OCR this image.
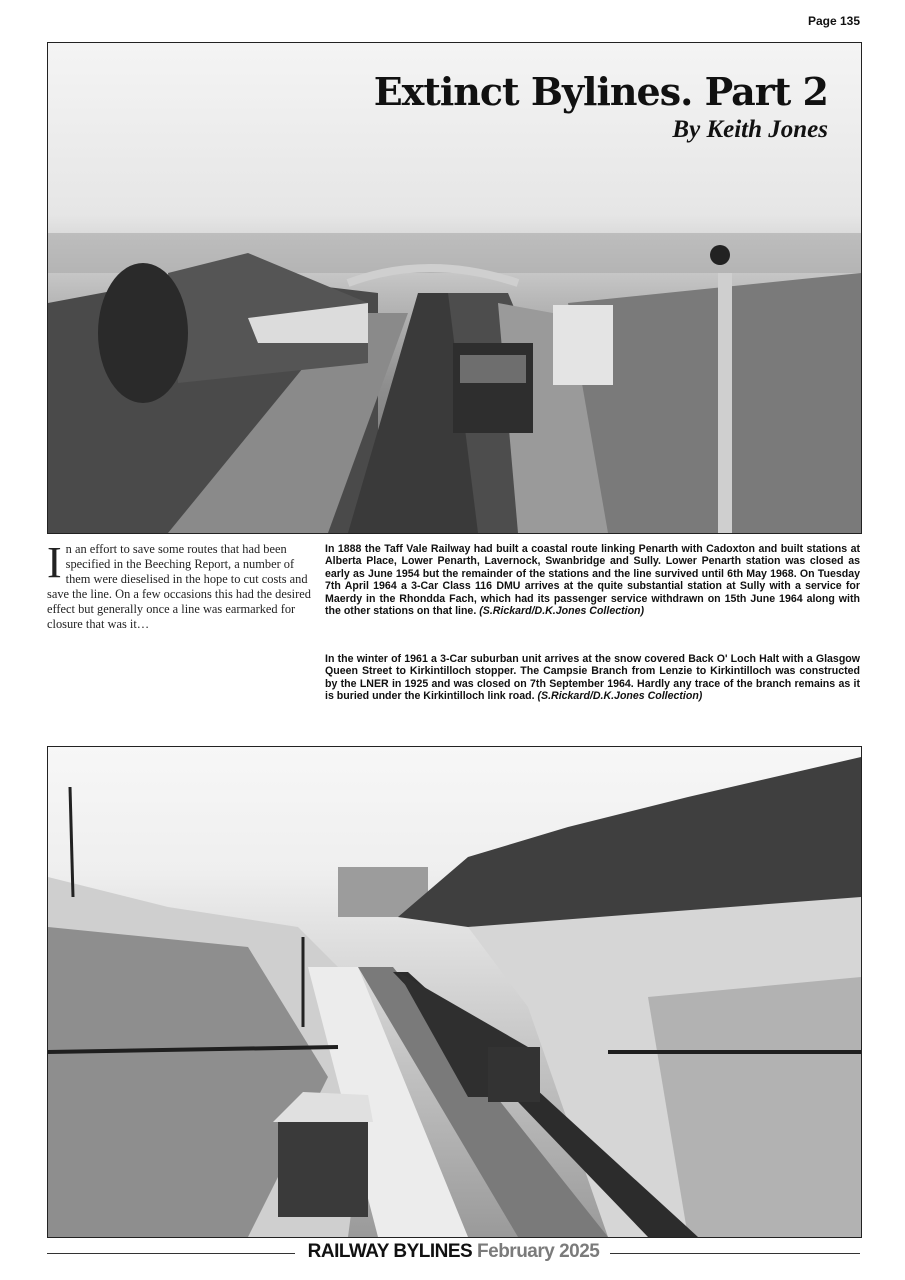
Page 135
Extinct Bylines. Part 2
By Keith Jones
In an effort to save some routes that had been specified in the Beeching Report, a number of them were dieselised in the hope to cut costs and save the line. On a few occasions this had the desired effect but generally once a line was earmarked for closure that was it…
In 1888 the Taff Vale Railway had built a coastal route linking Penarth with Cadoxton and built stations at Alberta Place, Lower Penarth, Lavernock, Swanbridge and Sully. Lower Penarth station was closed as early as June 1954 but the remainder of the stations and the line survived until 6th May 1968. On Tuesday 7th April 1964 a 3-Car Class 116 DMU arrives at the quite substantial station at Sully with a service for Maerdy in the Rhondda Fach, which had its passenger service withdrawn on 15th June 1964 along with the other stations on that line. (S.Rickard/D.K.Jones Collection)
In the winter of 1961 a 3-Car suburban unit arrives at the snow covered Back O' Loch Halt with a Glasgow Queen Street to Kirkintilloch stopper. The Campsie Branch from Lenzie to Kirkintilloch was constructed by the LNER in 1925 and was closed on 7th September 1964. Hardly any trace of the branch remains as it is buried under the Kirkintilloch link road. (S.Rickard/D.K.Jones Collection)
RAILWAY BYLINES February 2025
